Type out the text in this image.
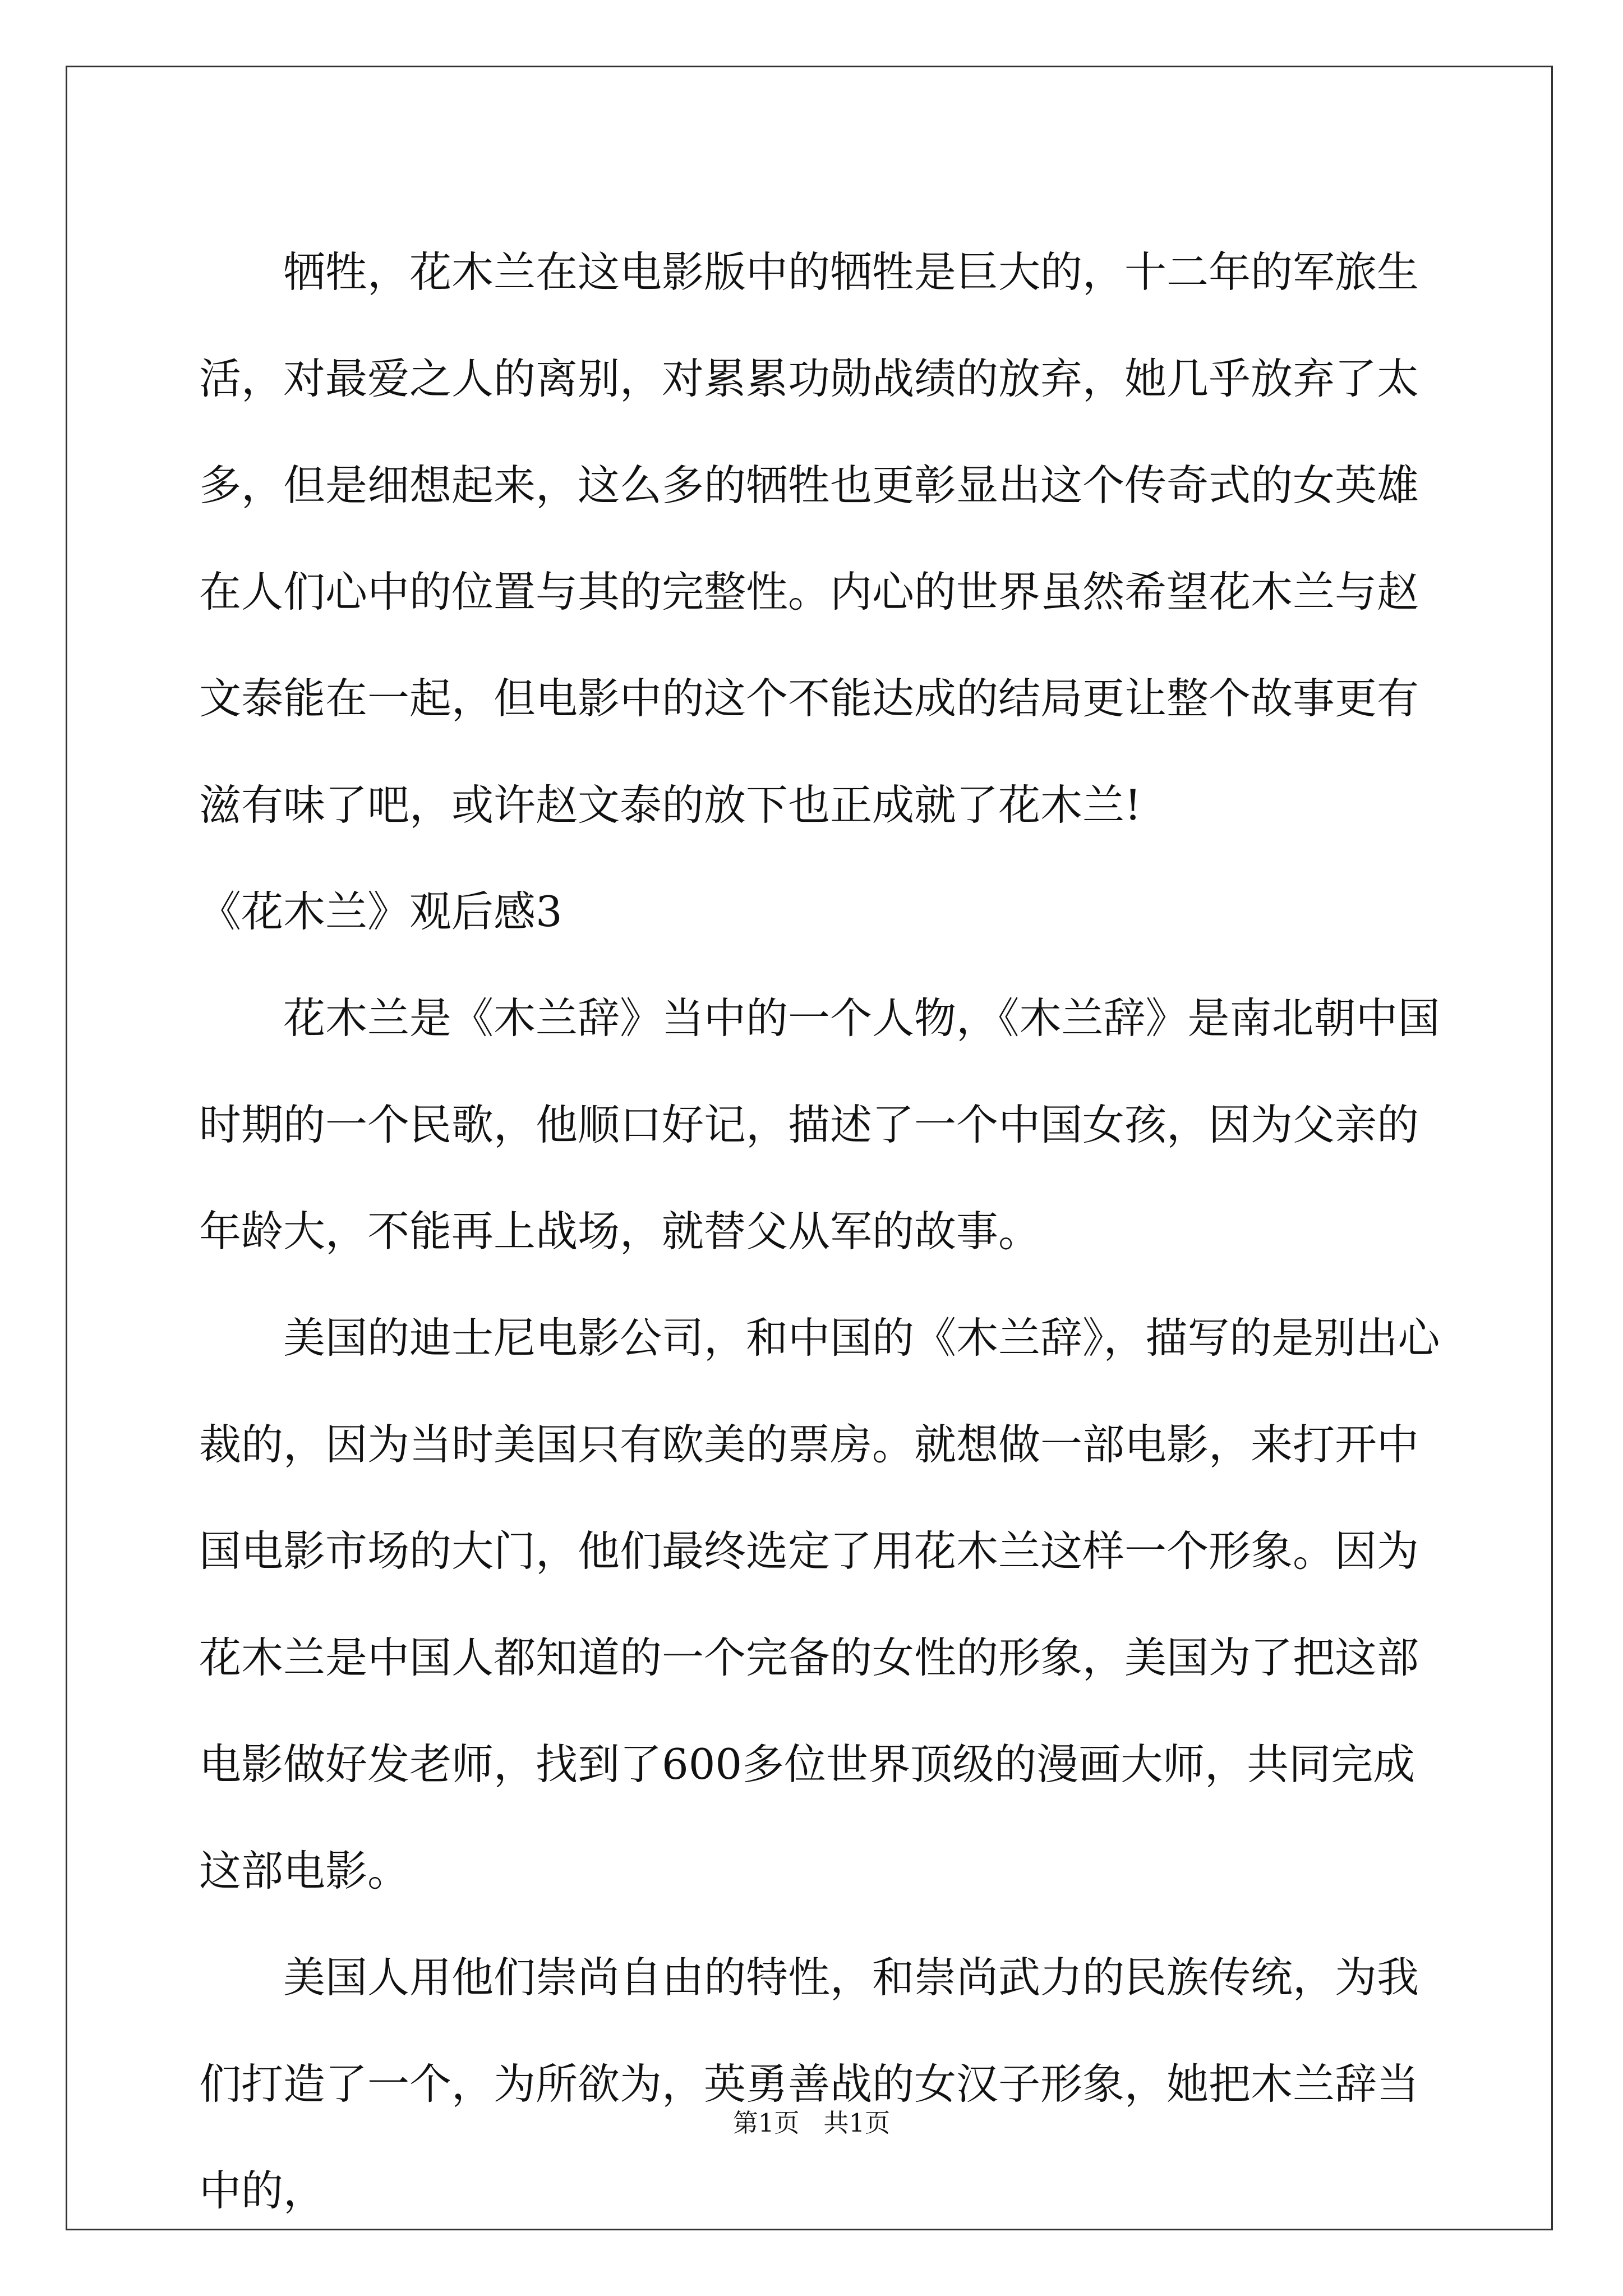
牺牲，花木兰在这电影版中的牺牲是巨大的，十二年的军旅生活，对最爱之人的离别，对累累功勋战绩的放弃，她几乎放弃了太多，但是细想起来，这么多的牺牲也更彰显出这个传奇式的女英雄在人们心中的位置与其的完整性。内心的世界虽然希望花木兰与赵文泰能在一起，但电影中的这个不能达成的结局更让整个故事更有滋有味了吧，或许赵文泰的放下也正成就了花木兰!

《花木兰》观后感3

花木兰是《木兰辞》当中的一个人物，《木兰辞》是南北朝中国时期的一个民歌，他顺口好记，描述了一个中国女孩，因为父亲的年龄大，不能再上战场，就替父从军的故事。

美国的迪士尼电影公司，和中国的《木兰辞》，描写的是别出心裁的，因为当时美国只有欧美的票房。就想做一部电影，来打开中国电影市场的大门，他们最终选定了用花木兰这样一个形象。因为花木兰是中国人都知道的一个完备的女性的形象，美国为了把这部电影做好发老师，找到了600多位世界顶级的漫画大师，共同完成这部电影。

美国人用他们崇尚自由的特性，和崇尚武力的民族传统，为我们打造了一个，为所欲为，英勇善战的女汉子形象，她把木兰辞当中的，

第1页 共1页
